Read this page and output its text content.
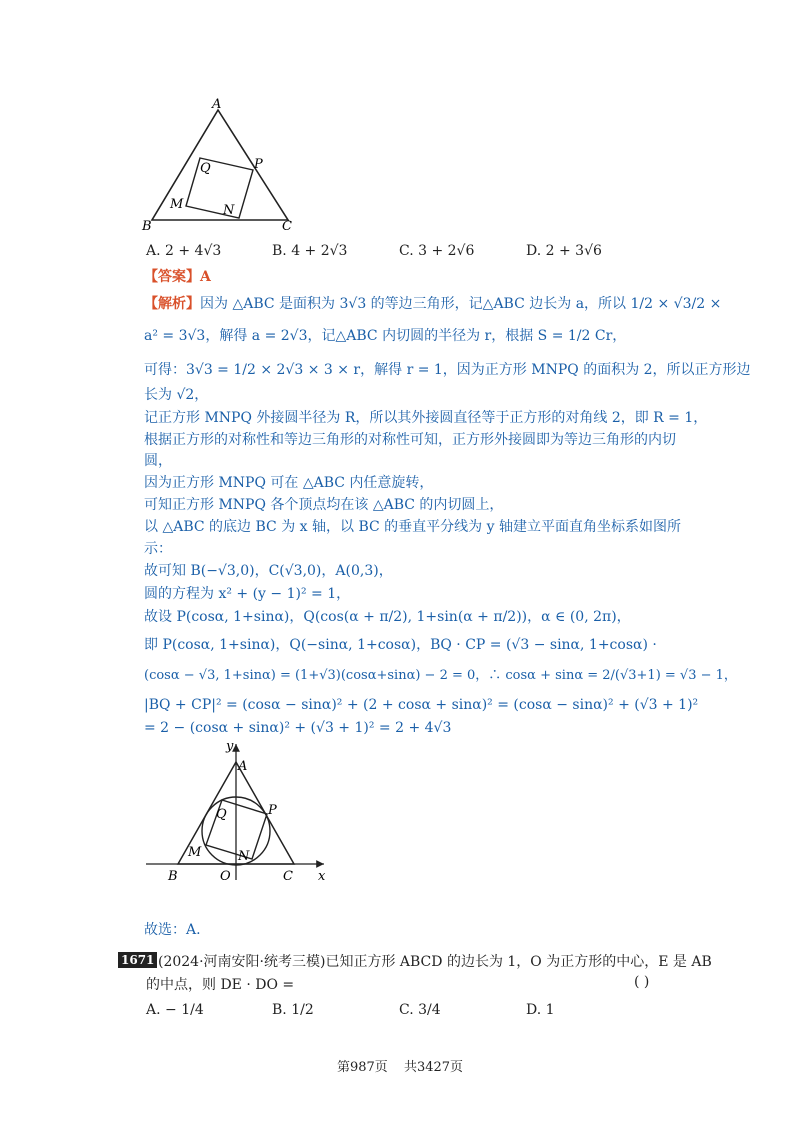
A
B	C
P
Q
M	N
A. 2 + 4√3	B. 4 + 2√3	C. 3 + 2√6	D. 2 + 3√6
【答案】A
【解析】因为 △ABC 是面积为 3√3 的等边三角形，记△ABC 边长为 a，所以 1/2 × √3/2 ×
a² = 3√3，解得 a = 2√3，记△ABC 内切圆的半径为 r，根据 S = 1/2 Cr，
可得：3√3 = 1/2 × 2√3 × 3 × r，解得 r = 1，因为正方形 MNPQ 的面积为 2，所以正方形边
长为 √2，
记正方形 MNPQ 外接圆半径为 R，所以其外接圆直径等于正方形的对角线 2，即 R = 1，
根据正方形的对称性和等边三角形的对称性可知，正方形外接圆即为等边三角形的内切
圆，
因为正方形 MNPQ 可在 △ABC 内任意旋转，
可知正方形 MNPQ 各个顶点均在该 △ABC 的内切圆上，
以 △ABC 的底边 BC 为 x 轴，以 BC 的垂直平分线为 y 轴建立平面直角坐标系如图所
示：
故可知 B(−√3,0)，C(√3,0)，A(0,3)，
圆的方程为 x² + (y − 1)² = 1，
故设 P(cosα, 1+sinα)，Q(cos(α + π/2), 1+sin(α + π/2))，α ∈ (0, 2π)，
即 P(cosα, 1+sinα)，Q(−sinα, 1+cosα)，BQ · CP = (√3 − sinα, 1+cosα) ·
(cosα − √3, 1+sinα) = (1+√3)(cosα+sinα) − 2 = 0，∴ cosα + sinα = 2/(√3+1) = √3 − 1，
|BQ + CP|² = (cosα − sinα)² + (2 + cosα + sinα)² = (cosα − sinα)² + (√3 + 1)²
= 2 − (cosα + sinα)² + (√3 + 1)² = 2 + 4√3
y
x
A
B	C
O
P
Q
M	N
故选：A.
1671 (2024·河南安阳·统考三模)已知正方形 ABCD 的边长为 1，O 为正方形的中心，E 是 AB
的中点，则 DE · DO =	( )
A. − 1/4	B. 1/2	C. 3/4	D. 1
第987页 共3427页
